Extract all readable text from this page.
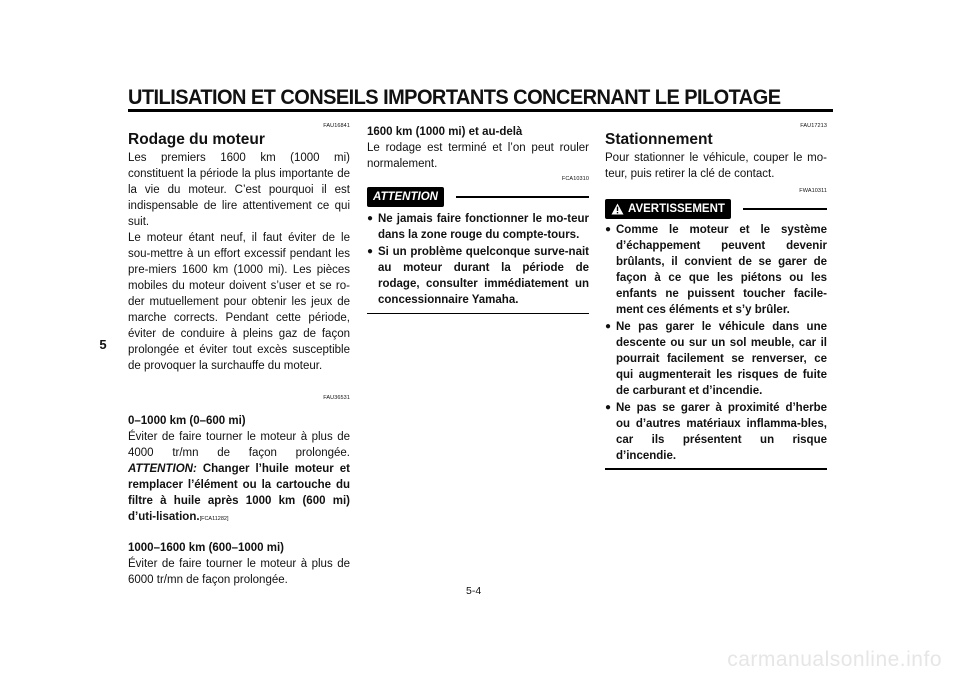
UTILISATION ET CONSEILS IMPORTANTS CONCERNANT LE PILOTAGE
5
FAU16841
Rodage du moteur

Les premiers 1600 km (1000 mi) constituent la période la plus importante de la vie du moteur. C’est pourquoi il est indispensable de lire attentivement ce qui suit.

Le moteur étant neuf, il faut éviter de le sou-mettre à un effort excessif pendant les pre-miers 1600 km (1000 mi). Les pièces mobiles du moteur doivent s’user et se ro-der mutuellement pour obtenir les jeux de marche corrects. Pendant cette période, éviter de conduire à pleins gaz de façon prolongée et éviter tout excès susceptible de provoquer la surchauffe du moteur.

FAU36531
0–1000 km (0–600 mi)

Éviter de faire tourner le moteur à plus de 4000 tr/mn de façon prolongée. ATTENTION: Changer l’huile moteur et remplacer l’élément ou la cartouche du filtre à huile après 1000 km (600 mi) d’uti-lisation.[FCA11282]

1000–1600 km (600–1000 mi)

Éviter de faire tourner le moteur à plus de 6000 tr/mn de façon prolongée.

1600 km (1000 mi) et au-delà

Le rodage est terminé et l’on peut rouler normalement.

FCA10310
ATTENTION
● Ne jamais faire fonctionner le mo-teur dans la zone rouge du compte-tours.
● Si un problème quelconque surve-nait au moteur durant la période de rodage, consulter immédiatement un concessionnaire Yamaha.
FAU17213
Stationnement

Pour stationner le véhicule, couper le mo-teur, puis retirer la clé de contact.

FWA10311
AVERTISSEMENT
● Comme le moteur et le système d’échappement peuvent devenir brûlants, il convient de se garer de façon à ce que les piétons ou les enfants ne puissent toucher facile-ment ces éléments et s’y brûler.
● Ne pas garer le véhicule dans une descente ou sur un sol meuble, car il pourrait facilement se renverser, ce qui augmenterait les risques de fuite de carburant et d’incendie.
● Ne pas se garer à proximité d’herbe ou d’autres matériaux inflamma-bles, car ils présentent un risque d’incendie.
5-4
carmanualsonline.info
